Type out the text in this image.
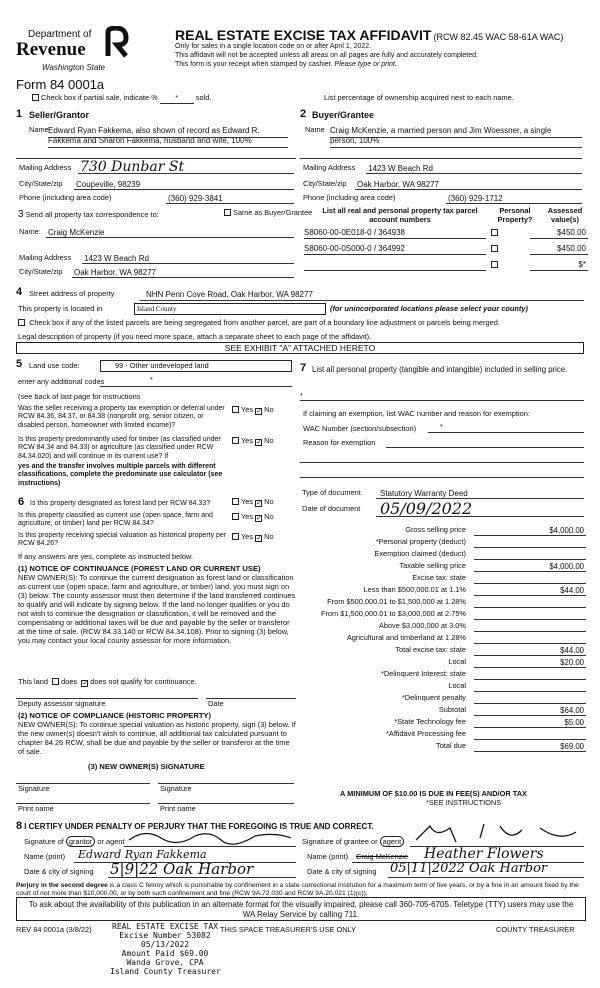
Department of
Revenue
Washington State
Form 84 0001a
REAL ESTATE EXCISE TAX AFFIDAVIT (RCW 82.45 WAC 58-61A WAC)
Only for sales in a single location code on or after April 1, 2022.
This affidavit will not be accepted unless all areas on all pages are fully and accurately completed.
This form is your receipt when stamped by cashier. Please type or print.
Check box if partial sale, indicate % * sold.	List percentage of ownership acquired next to each name.
1 Seller/Grantor
Name Edward Ryan Fakkema, also shown of record as Edward R. Fakkema and Sharon Fakkema, husband and wife, 100%
Mailing Address 730 Dunbar St
City/State/zip Coupeville, 98239
Phone (including area code)	(360) 929-3841
2 Buyer/Grantee
Name Craig McKenzie, a married person and Jim Woessner, a single person, 100%
Mailing Address 1423 W Beach Rd
City/State/zip Oak Harbor, WA 98277
Phone (including area code)	(360) 929-1712
3 Send all property tax correspondence to:	Same as Buyer/Grantee
Name: Craig McKenzie
Mailing Address 1423 W Beach Rd
City/State/zip Oak Harbor, WA 98277
List all real and personal property tax parcel account numbers
Personal Property?
Assessed value(s)
S8060-00-0E018-0 / 364938	$450.00
S8060-00-0S000-0 / 364992	$450.00
$*
4 Street address of property	NHN Penn Cove Road, Oak Harbor, WA 98277
This property is located in	Island County	(for unincorporated locations please select your county)
Check box if any of the listed parcels are being segregated from another parcel, are part of a boundary line adjustment or parcels being merged.
Legal description of property (if you need more space, attach a separate sheet to each page of the affidavit).
SEE EXHIBIT "A" ATTACHED HERETO
5 Land use code:	99 - Other undeveloped land
enter any additional codes	*
(see back of last page for instructions
Was the seller receiving a property tax exemption or deferral under RCW 84.36, 84.37, or 84.38 (nonprofit org, senior citizen, or disabled person, homeowner with limited income)?
Yes ✓ No
Is this property predominantly used for timber (as classified under RCW 84.34 and 84.33) or agriculture (as classified under RCW 84.34.020) and will continue in its current use? If
yes and the transfer involves multiple parcels with different classifications, complete the predominate use calculator (see instructions)
Yes ✓ No
7 List all personal property (tangible and intangible) included in selling price.
*
If claiming an exemption, list WAC number and reason for exemption:
WAC Number (section/subsection)	*
Reason for exemption
6 Is this property designated as forest land per RCW 84.33?	Yes ✓ No
Is this property classified as current use (open space, farm and agriculture, or timber) land per RCW 84.34?
Yes ✓ No
Is this property receiving special valuation as historical property per RCW 84.26?
Yes ✓ No
If any answers are yes, complete as instructed below.
(1) NOTICE OF CONTINUANCE (FOREST LAND OR CURRENT USE)
NEW OWNER(S): To continue the current designation as forest land or classification as current use (open space, farm and agriculture, or timber) land, you must sign on (3) below. The county assessor must then determine if the land transferred continues to qualify and will indicate by signing below. If the land no longer qualifies or you do not wish to continue the designation or classification, it will be removed and the compensating or additional taxes will be due and payable by the seller or transferor at the time of sale. (RCW 84.33.140 or RCW 84.34.108). Prior to signing (3) below, you may contact your local county assessor for more information.
This land does ✓ does not qualify for continuance.
Deputy assessor signature	Date
(2) NOTICE OF COMPLIANCE (HISTORIC PROPERTY)
NEW OWNER(S): To continue special valuation as historic property, sign (3) below. If the new owner(s) doesn't wish to continue, all additional tax calculated pursuant to chapter 84.26 RCW, shall be due and payable by the seller or transferor at the time of sale.
(3) NEW OWNER(S) SIGNATURE
Signature	Signature
Print name	Print name
Type of document Statutory Warranty Deed
Date of document 05/09/2022
Gross selling price	$4,000.00
*Personal property (deduct)
Exemption claimed (deduct)
Taxable selling price	$4,000.00
Excise tax: state
Less than $500,000.01 at 1.1%	$44.00
From $500,000.01 to $1,500,000 at 1.28%
From $1,500,000.01 to $3,000,000 at 2.75%
Above $3,000,000 at 3.0%
Agricultural and timberland at 1.28%
Total excise tax: state	$44.00
Local	$20.00
*Delinquent Interest: state
Local
*Delinquent penalty
Subtotal	$64.00
*State Technology fee	$5.00
*Affidavit Processing fee
Total due	$69.00
A MINIMUM OF $10.00 IS DUE IN FEE(S) AND/OR TAX
*SEE INSTRUCTIONS
8 I CERTIFY UNDER PENALTY OF PERJURY THAT THE FOREGOING IS TRUE AND CORRECT.
Signature of grantor or agent
Name (print) Edward Ryan Fakkema
Date & city of signing 5|9|22 Oak Harbor
Signature of grantee or agent
Name (print) Craig McKenzie Heather Flowers
Date & city of signing 05|11|2022 Oak Harbor
Perjury in the second degree is a class C felony which is punishable by confinement in a state correctional institution for a maximum term of five years, or by a fine in an amount fixed by the court of not more than $10,000.00, or by both such confinement and fine (RCW 9A.72.030 and RCW 9A.20.021 (1)(c)).
To ask about the availability of this publication in an alternate format for the visually impaired, please call 360-705-6705. Teletype (TTY) users may use the WA Relay Service by calling 711.
REV 84 0001a (3/8/22)	THIS SPACE TREASURER'S USE ONLY	COUNTY TREASURER
REAL ESTATE EXCISE TAX
Excise Number 53082
05/13/2022
Amount Paid $69.00
Wanda Grove, CPA
Island County Treasurer
